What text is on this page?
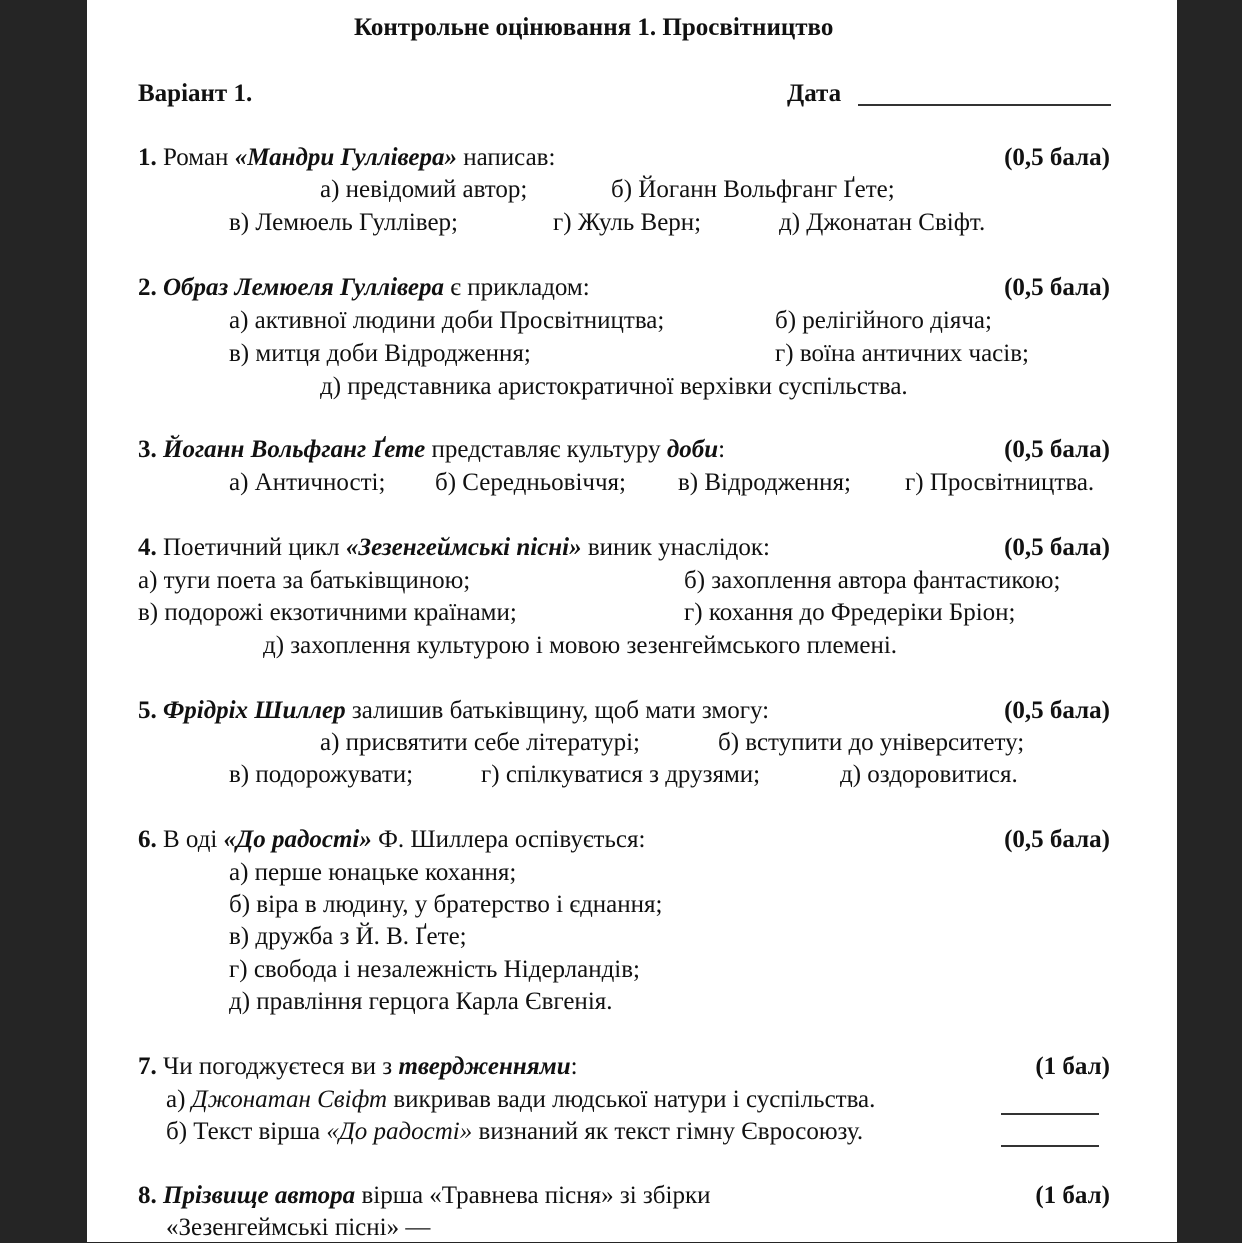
Контрольне оцінювання 1. Просвітництво
Варіант 1.	Дата
1. Роман «Мандри Гуллівера» написав:	(0,5 бала)
а) невідомий автор;	б) Йоганн Вольфганг Ґете;
в) Лемюель Гуллівер;	г) Жуль Верн;	д) Джонатан Свіфт.
2. Образ Лемюеля Гуллівера є прикладом:	(0,5 бала)
а) активної людини доби Просвітництва;	б) релігійного діяча;
в) митця доби Відродження;	г) воїна античних часів;
д) представника аристократичної верхівки суспільства.
3. Йоганн Вольфганг Ґете представляє культуру доби:	(0,5 бала)
а) Античності; б) Середньовіччя; в) Відродження; г) Просвітництва.
4. Поетичний цикл «Зезенгеймські пісні» виник унаслідок:	(0,5 бала)
а) туги поета за батьківщиною;	б) захоплення автора фантастикою;
в) подорожі екзотичними країнами;	г) кохання до Фредеріки Бріон;
д) захоплення культурою і мовою зезенгеймського племені.
5. Фрідріх Шиллер залишив батьківщину, щоб мати змогу:	(0,5 бала)
а) присвятити себе літературі;	б) вступити до університету;
в) подорожувати;	г) спілкуватися з друзями;	д) оздоровитися.
6. В оді «До радості» Ф. Шиллера оспівується:	(0,5 бала)
а) перше юнацьке кохання;
б) віра в людину, у братерство і єднання;
в) дружба з Й. В. Ґете;
г) свобода і незалежність Нідерландів;
д) правління герцога Карла Євгенія.
7. Чи погоджуєтеся ви з твердженнями:	(1 бал)
а) Джонатан Свіфт викривав вади людської натури і суспільства.
б) Текст вірша «До радості» визнаний як текст гімну Євросоюзу.
8. Прізвище автора вірша «Травнева пісня» зі збірки	(1 бал)
«Зезенгеймські пісні» —
